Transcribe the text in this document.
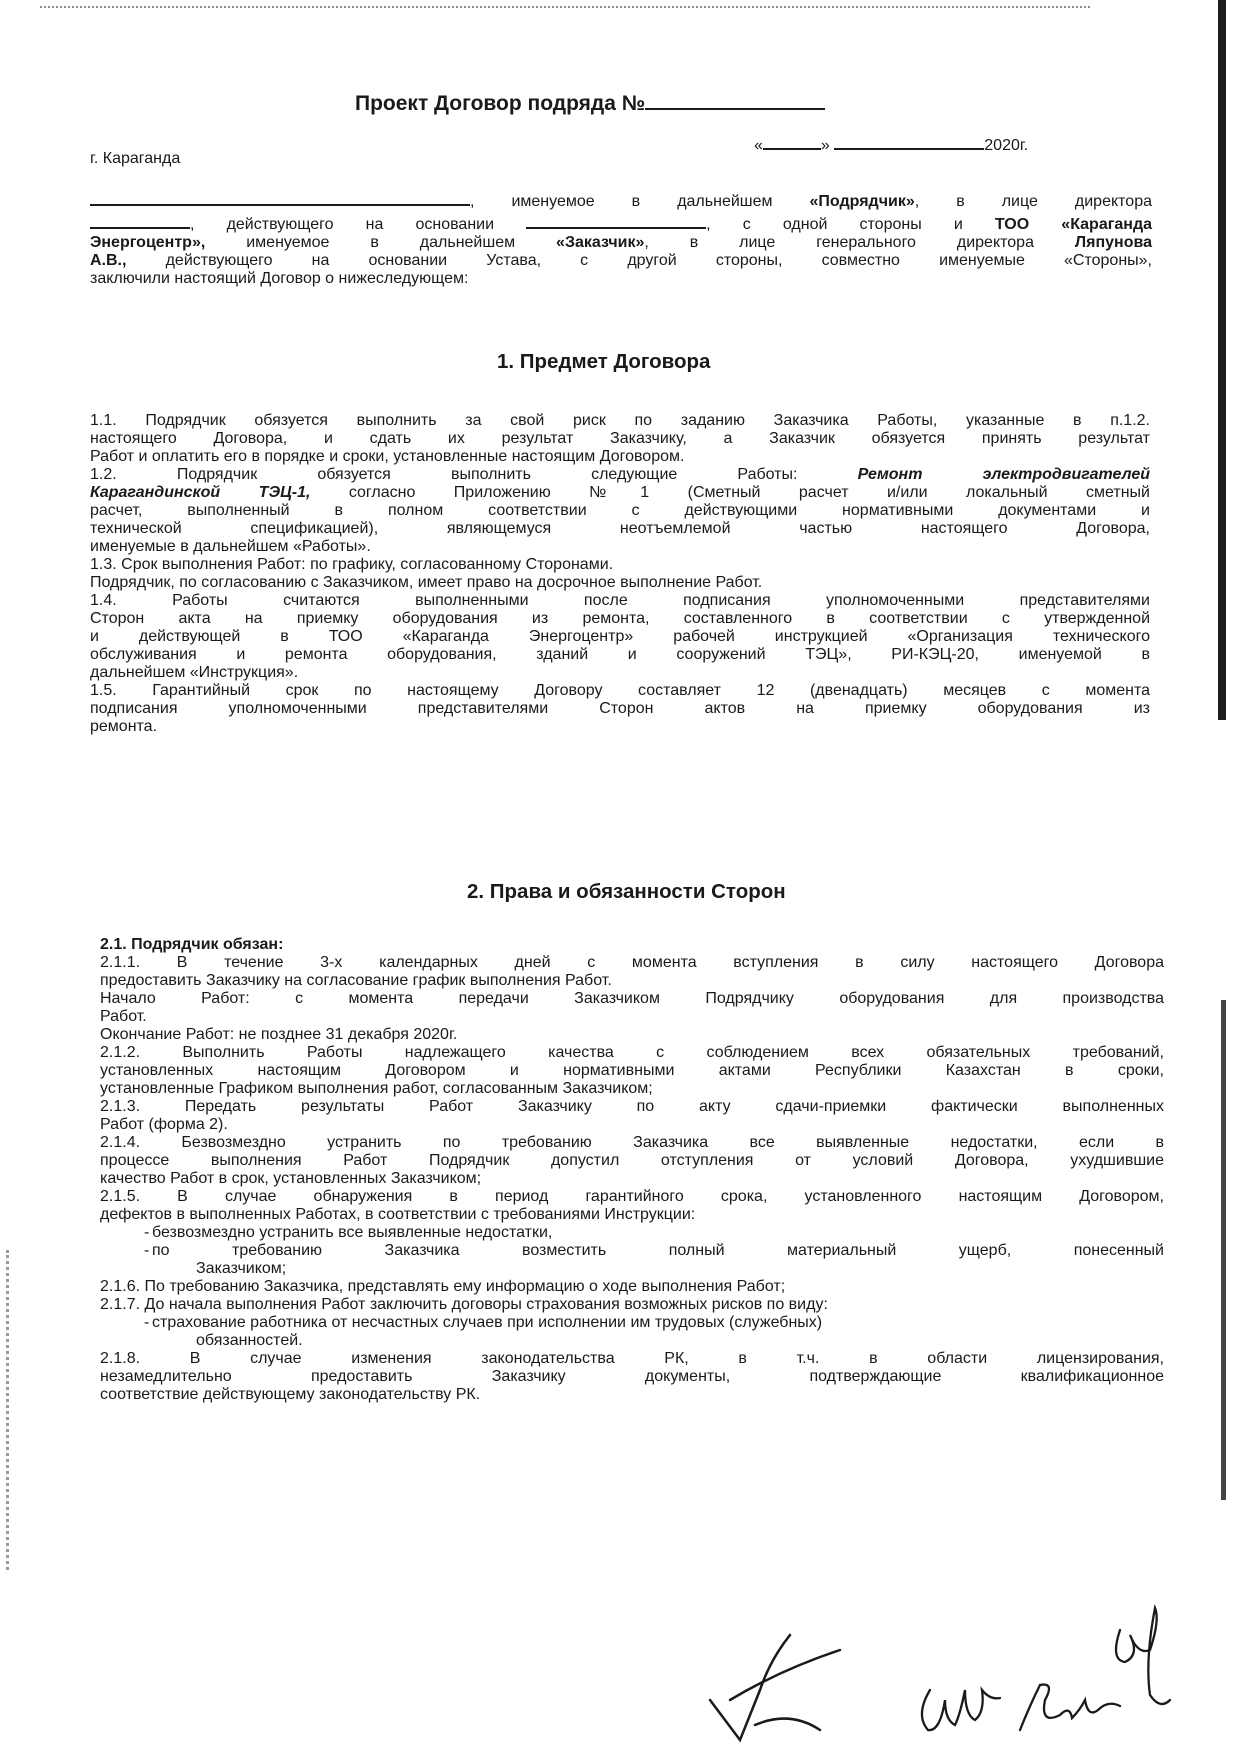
Проект Договор подряда №
«	»	2020г.
г. Караганда

, именуемое в дальнейшем «Подрядчик», в лице директора

, действующего на основании	, с одной стороны и ТОО «Караганда

Энергоцентр», именуемое в дальнейшем «Заказчик», в лице генерального директора Ляпунова

А.В., действующего на основании Устава, с другой стороны, совместно именуемые «Стороны»,

заключили настоящий Договор о нижеследующем:

1. Предмет Договора

1.1. Подрядчик обязуется выполнить за свой риск по заданию Заказчика Работы, указанные в п.1.2.

настоящего Договора, и сдать их результат Заказчику, а Заказчик обязуется принять результат

Работ и оплатить его в порядке и сроки, установленные настоящим Договором.

1.2. Подрядчик обязуется выполнить следующие Работы: Ремонт электродвигателей

Карагандинской ТЭЦ-1, согласно Приложению №1 (Сметный расчет и/или локальный сметный

расчет, выполненный в полном соответствии с действующими нормативными документами и

технической спецификацией), являющемуся неотъемлемой частью настоящего Договора,

именуемые в дальнейшем «Работы».

1.3. Срок выполнения Работ: по графику, согласованному Сторонами.

Подрядчик, по согласованию с Заказчиком, имеет право на досрочное выполнение Работ.

1.4. Работы считаются выполненными после подписания уполномоченными представителями

Сторон акта на приемку оборудования из ремонта, составленного в соответствии с утвержденной

и действующей в ТОО «Караганда Энергоцентр» рабочей инструкцией «Организация технического

обслуживания и ремонта оборудования, зданий и сооружений ТЭЦ», РИ-КЭЦ-20, именуемой в

дальнейшем «Инструкция».

1.5. Гарантийный срок по настоящему Договору составляет 12 (двенадцать) месяцев с момента

подписания уполномоченными представителями Сторон актов на приемку оборудования из

ремонта.

2. Права и обязанности Сторон

2.1. Подрядчик обязан:

2.1.1. В течение 3-х календарных дней с момента вступления в силу настоящего Договора

предоставить Заказчику на согласование график выполнения Работ.

Начало Работ: с момента передачи Заказчиком Подрядчику оборудования для производства

Работ.

Окончание Работ: не позднее 31 декабря 2020г.

2.1.2. Выполнить Работы надлежащего качества с соблюдением всех обязательных требований,

установленных настоящим Договором и нормативными актами Республики Казахстан в сроки,

установленные Графиком выполнения работ, согласованным Заказчиком;

2.1.3. Передать результаты Работ Заказчику по акту сдачи-приемки фактически выполненных

Работ (форма 2).

2.1.4. Безвозмездно устранить по требованию Заказчика все выявленные недостатки, если в

процессе выполнения Работ Подрядчик допустил отступления от условий Договора, ухудшившие

качество Работ в срок, установленных Заказчиком;

2.1.5. В случае обнаружения в период гарантийного срока, установленного настоящим Договором,

дефектов в выполненных Работах, в соответствии с требованиями Инструкции:

- безвозмездно устранить все выявленные недостатки,

- по требованию Заказчика возместить полный материальный ущерб, понесенный

Заказчиком;

2.1.6. По требованию Заказчика, представлять ему информацию о ходе выполнения Работ;

2.1.7. До начала выполнения Работ заключить договоры страхования возможных рисков по виду:

- страхование работника от несчастных случаев при исполнении им трудовых (служебных)

обязанностей.

2.1.8. В случае изменения законодательства РК, в т.ч. в области лицензирования,

незамедлительно предоставить Заказчику документы, подтверждающие квалификационное

соответствие действующему законодательству РК.
